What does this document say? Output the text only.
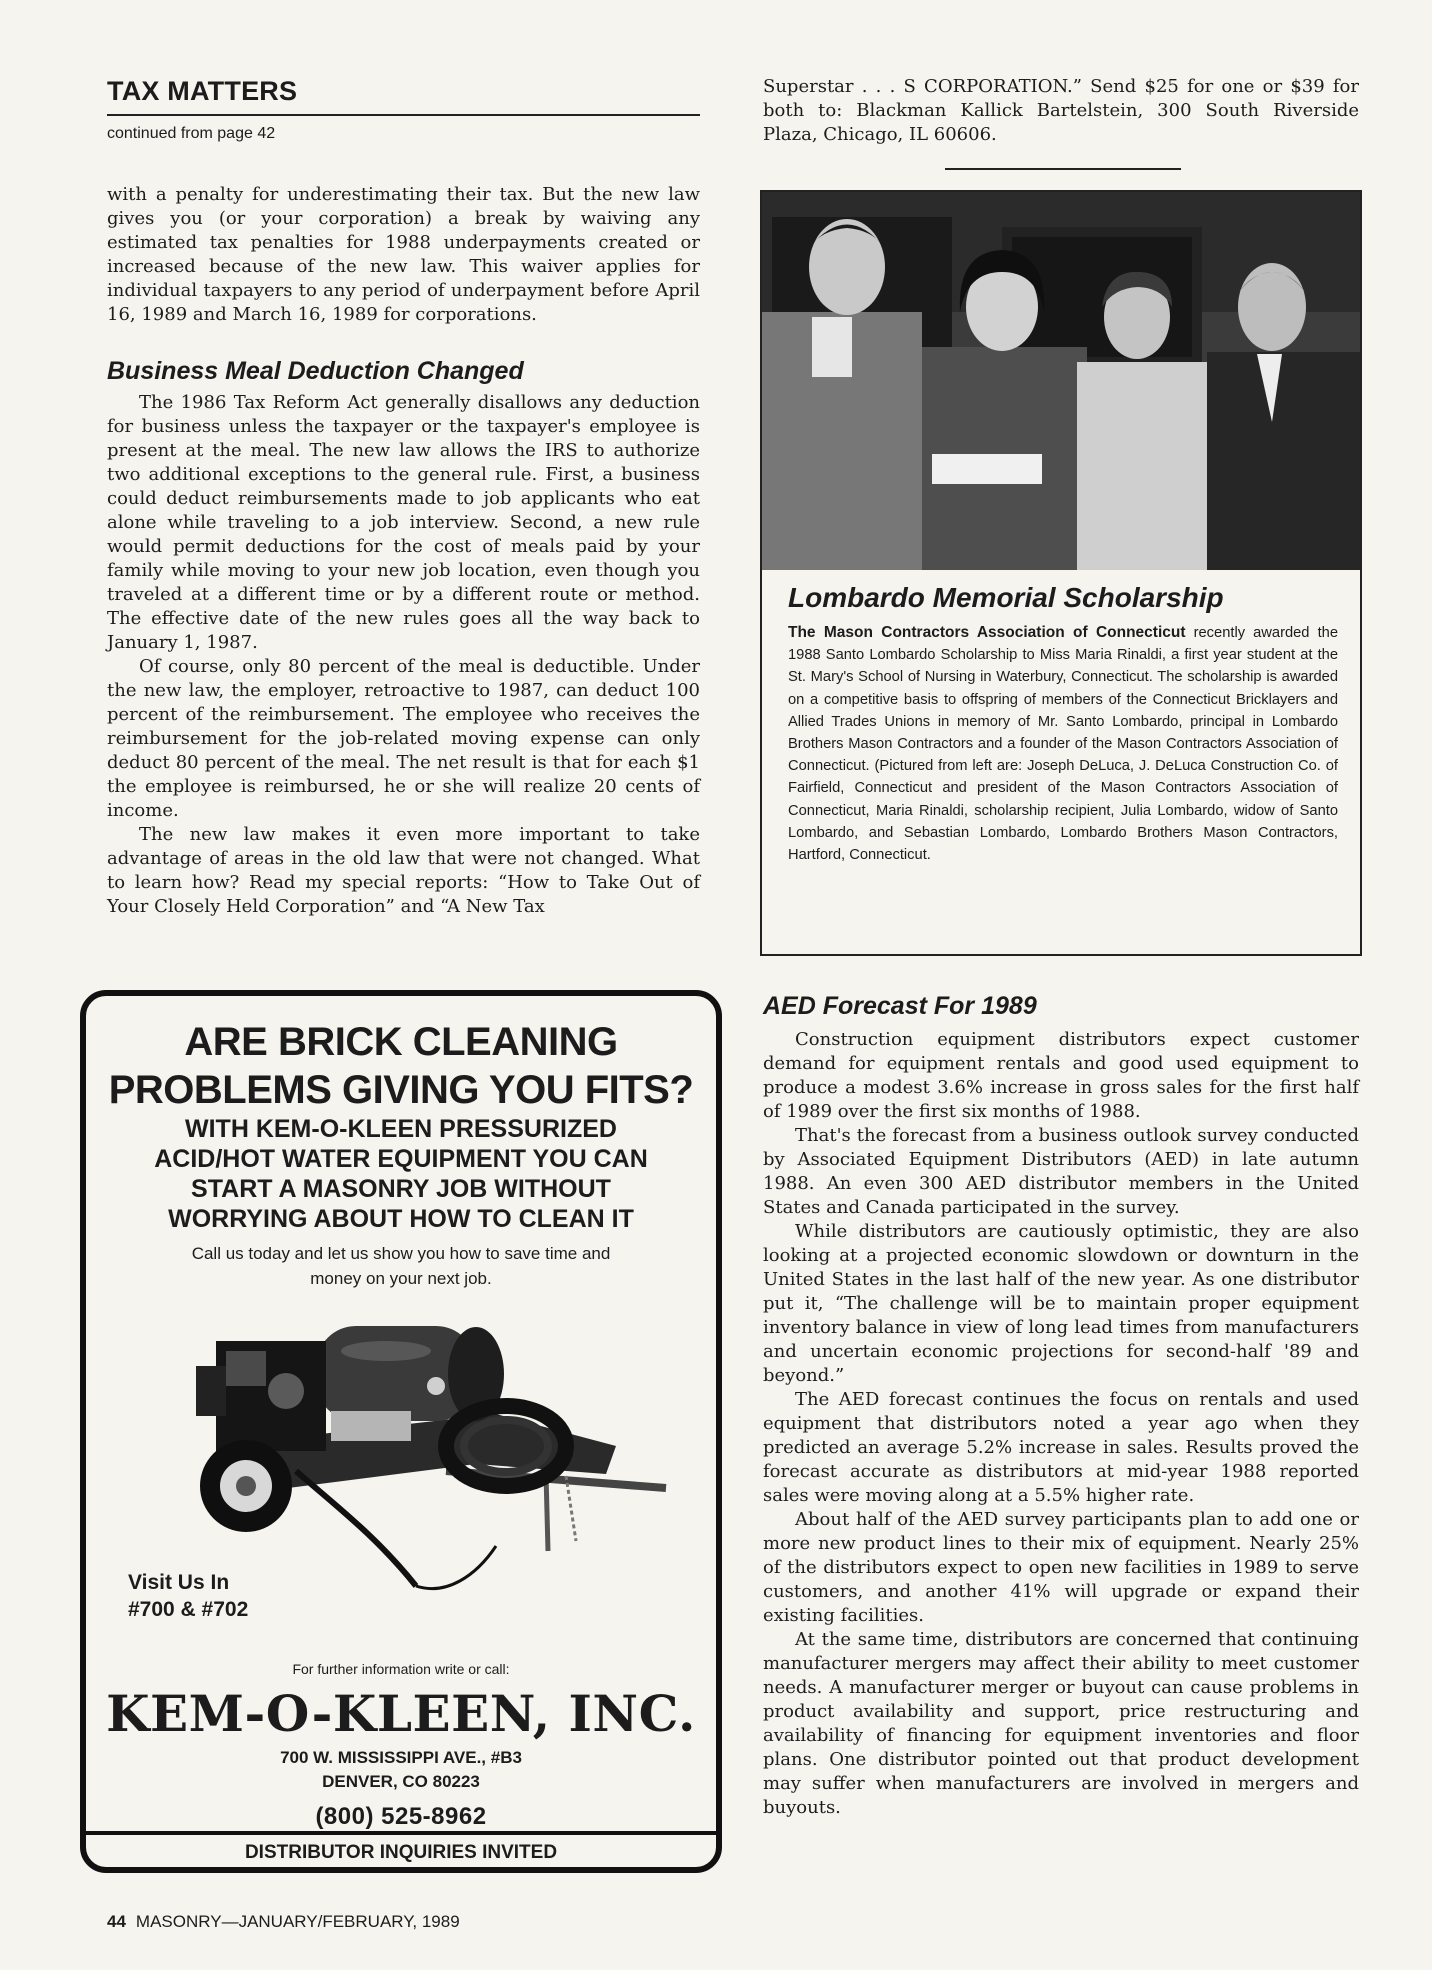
TAX MATTERS
continued from page 42

with a penalty for underestimating their tax. But the new law gives you (or your corporation) a break by waiving any estimated tax penalties for 1988 underpayments created or increased because of the new law. This waiver applies for individual taxpayers to any period of underpayment before April 16, 1989 and March 16, 1989 for corporations.

Business Meal Deduction Changed

The 1986 Tax Reform Act generally disallows any deduction for business unless the taxpayer or the taxpayer's employee is present at the meal. The new law allows the IRS to authorize two additional exceptions to the general rule. First, a business could deduct reimbursements made to job applicants who eat alone while traveling to a job interview. Second, a new rule would permit deductions for the cost of meals paid by your family while moving to your new job location, even though you traveled at a different time or by a different route or method. The effective date of the new rules goes all the way back to January 1, 1987.

Of course, only 80 percent of the meal is deductible. Under the new law, the employer, retroactive to 1987, can deduct 100 percent of the reimbursement. The employee who receives the reimbursement for the job-related moving expense can only deduct 80 percent of the meal. The net result is that for each $1 the employee is reimbursed, he or she will realize 20 cents of income.

The new law makes it even more important to take advantage of areas in the old law that were not changed. What to learn how? Read my special reports: “How to Take Out of Your Closely Held Corporation” and “A New Tax

ARE BRICK CLEANING
PROBLEMS GIVING YOU FITS?
WITH KEM-O-KLEEN PRESSURIZED
ACID/HOT WATER EQUIPMENT YOU CAN
START A MASONRY JOB WITHOUT
WORRYING ABOUT HOW TO CLEAN IT
Call us today and let us show you how to save time and
money on your next job.
Visit Us In
#700 & #702
For further information write or call:
KEM-O-KLEEN, INC.
700 W. MISSISSIPPI AVE., #B3
DENVER, CO 80223
(800) 525-8962
DISTRIBUTOR INQUIRIES INVITED

Superstar . . . S CORPORATION.” Send $25 for one or $39 for both to: Blackman Kallick Bartelstein, 300 South Riverside Plaza, Chicago, IL 60606.

Lombardo Memorial Scholarship
The Mason Contractors Association of Connecticut recently awarded the 1988 Santo Lombardo Scholarship to Miss Maria Rinaldi, a first year student at the St. Mary's School of Nursing in Waterbury, Connecticut. The scholarship is awarded on a competitive basis to offspring of members of the Connecticut Bricklayers and Allied Trades Unions in memory of Mr. Santo Lombardo, principal in Lombardo Brothers Mason Contractors and a founder of the Mason Contractors Association of Connecticut. (Pictured from left are: Joseph DeLuca, J. DeLuca Construction Co. of Fairfield, Connecticut and president of the Mason Contractors Association of Connecticut, Maria Rinaldi, scholarship recipient, Julia Lombardo, widow of Santo Lombardo, and Sebastian Lombardo, Lombardo Brothers Mason Contractors, Hartford, Connecticut.
AED Forecast For 1989

Construction equipment distributors expect customer demand for equipment rentals and good used equipment to produce a modest 3.6% increase in gross sales for the first half of 1989 over the first six months of 1988.

That's the forecast from a business outlook survey conducted by Associated Equipment Distributors (AED) in late autumn 1988. An even 300 AED distributor members in the United States and Canada participated in the survey.

While distributors are cautiously optimistic, they are also looking at a projected economic slowdown or downturn in the United States in the last half of the new year. As one distributor put it, “The challenge will be to maintain proper equipment inventory balance in view of long lead times from manufacturers and uncertain economic projections for second-half '89 and beyond.”

The AED forecast continues the focus on rentals and used equipment that distributors noted a year ago when they predicted an average 5.2% increase in sales. Results proved the forecast accurate as distributors at mid-year 1988 reported sales were moving along at a 5.5% higher rate.

About half of the AED survey participants plan to add one or more new product lines to their mix of equipment. Nearly 25% of the distributors expect to open new facilities in 1989 to serve customers, and another 41% will upgrade or expand their existing facilities.

At the same time, distributors are concerned that continuing manufacturer mergers may affect their ability to meet customer needs. A manufacturer merger or buyout can cause problems in product availability and support, price restructuring and availability of financing for equipment inventories and floor plans. One distributor pointed out that product development may suffer when manufacturers are involved in mergers and buyouts.

44 MASONRY—JANUARY/FEBRUARY, 1989
